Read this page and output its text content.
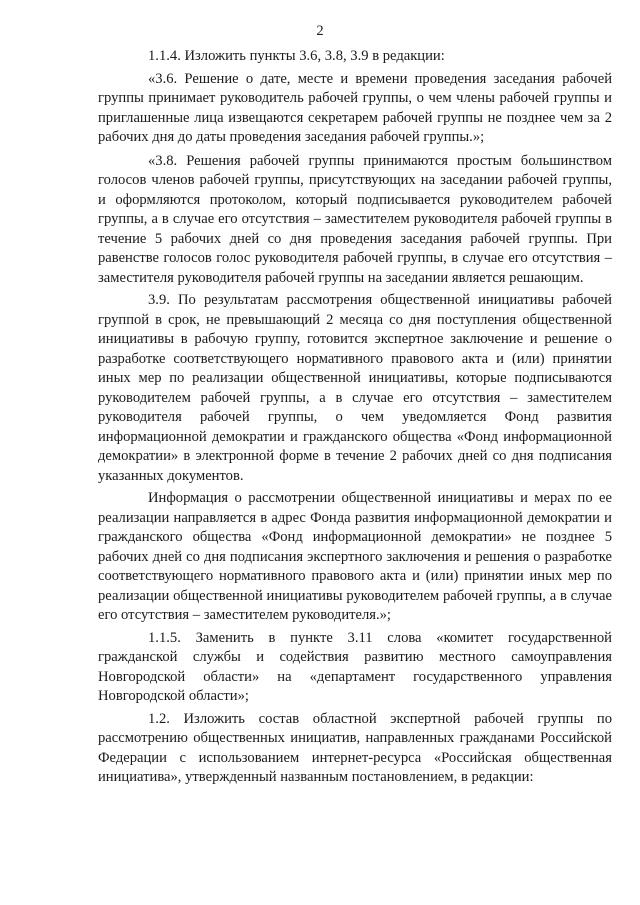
2

1.1.4. Изложить пункты 3.6, 3.8, 3.9 в редакции:

«3.6. Решение о дате, месте и времени проведения заседания рабочей группы принимает руководитель рабочей группы, о чем члены рабочей группы и приглашенные лица извещаются секретарем рабочей группы не позднее чем за 2 рабочих дня до даты проведения заседания рабочей группы.»;

«3.8. Решения рабочей группы принимаются простым большинством голосов членов рабочей группы, присутствующих на заседании рабочей группы, и оформляются протоколом, который подписывается руководителем рабочей группы, а в случае его отсутствия – заместителем руководителя рабочей группы в течение 5 рабочих дней со дня проведения заседания рабочей группы. При равенстве голосов голос руководителя рабочей группы, в случае его отсутствия – заместителя руководителя рабочей группы на заседании является решающим.

3.9. По результатам рассмотрения общественной инициативы рабочей группой в срок, не превышающий 2 месяца со дня поступления общественной инициативы в рабочую группу, готовится экспертное заключение и решение о разработке соответствующего нормативного правового акта и (или) принятии иных мер по реализации общественной инициативы, которые подписываются руководителем рабочей группы, а в случае его отсутствия – заместителем руководителя рабочей группы, о чем уведомляется Фонд развития информационной демократии и гражданского общества «Фонд информационной демократии» в электронной форме в течение 2 рабочих дней со дня подписания указанных документов.

Информация о рассмотрении общественной инициативы и мерах по ее реализации направляется в адрес Фонда развития информационной демократии и гражданского общества «Фонд информационной демократии» не позднее 5 рабочих дней со дня подписания экспертного заключения и решения о разработке соответствующего нормативного правового акта и (или) принятии иных мер по реализации общественной инициативы руководителем рабочей группы, а в случае его отсутствия – заместителем руководителя.»;

1.1.5. Заменить в пункте 3.11 слова «комитет государственной гражданской службы и содействия развитию местного самоуправления Новгородской области» на «департамент государственного управления Новгородской области»;

1.2. Изложить состав областной экспертной рабочей группы по рассмотрению общественных инициатив, направленных гражданами Российской Федерации с использованием интернет-ресурса «Российская общественная инициатива», утвержденный названным постановлением, в редакции:
